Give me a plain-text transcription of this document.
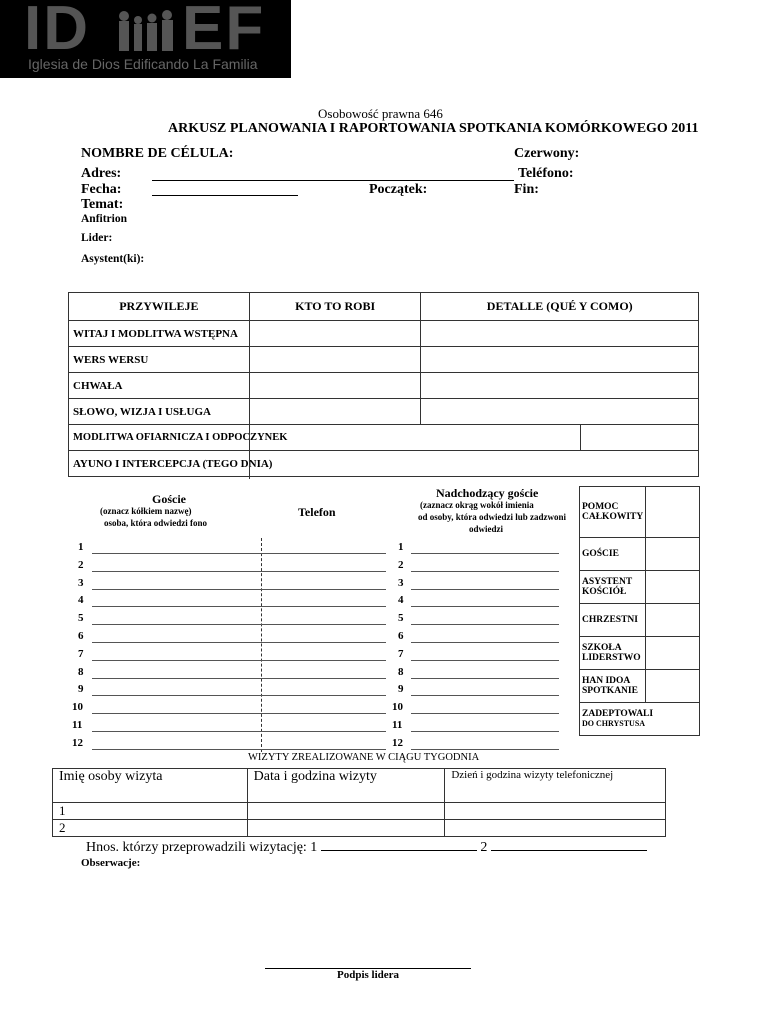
ID EF
Iglesia de Dios Edificando La Familia
Osobowość prawna 646
ARKUSZ PLANOWANIA I RAPORTOWANIA SPOTKANIA KOMÓRKOWEGO 2011
NOMBRE DE CÉLULA:	Czerwony:
Adres:	Teléfono:
Fecha:	Początek:	Fin:
Temat:
Anfitrion
Lider:
Asystent(ki):
PRZYWILEJE	KTO TO ROBI	DETALLE (QUÉ Y COMO)	
WITAJ I MODLITWA WSTĘPNA			
WERS WERSU			
CHWAŁA			
SŁOWO, WIZJA I USŁUGA			
MODLITWA OFIARNICZA I ODPOCZYNEK			
AYUNO I INTERCEPCJA (TEGO DNIA)			
Goście
(oznacz kółkiem nazwę)
osoba, która odwiedzi fono
Telefon
Nadchodzący goście
(zaznacz okrąg wokół imienia
od osoby, która odwiedzi lub zadzwoni
odwiedzi
1	1
2	2
3	3
4	4
5	5
6	6
7	7
8	8
9	9
10	10
11	11
12	12
POMOC CAŁKOWITY	
GOŚCIE	
ASYSTENT KOŚCIÓŁ	
CHRZESTNI	
SZKOŁA LIDERSTWO	
HAN IDOA SPOTKANIE	
ZADEPTOWALI
DO CHRYSTUSA	
WIZYTY ZREALIZOWANE W CIĄGU TYGODNIA
Imię osoby wizyta	Data i godzina wizyty	Dzień i godzina wizyty telefonicznej
1		
2		
Hnos. którzy przeprowadzili wizytację: 1	2
Obserwacje:
Podpis lidera
